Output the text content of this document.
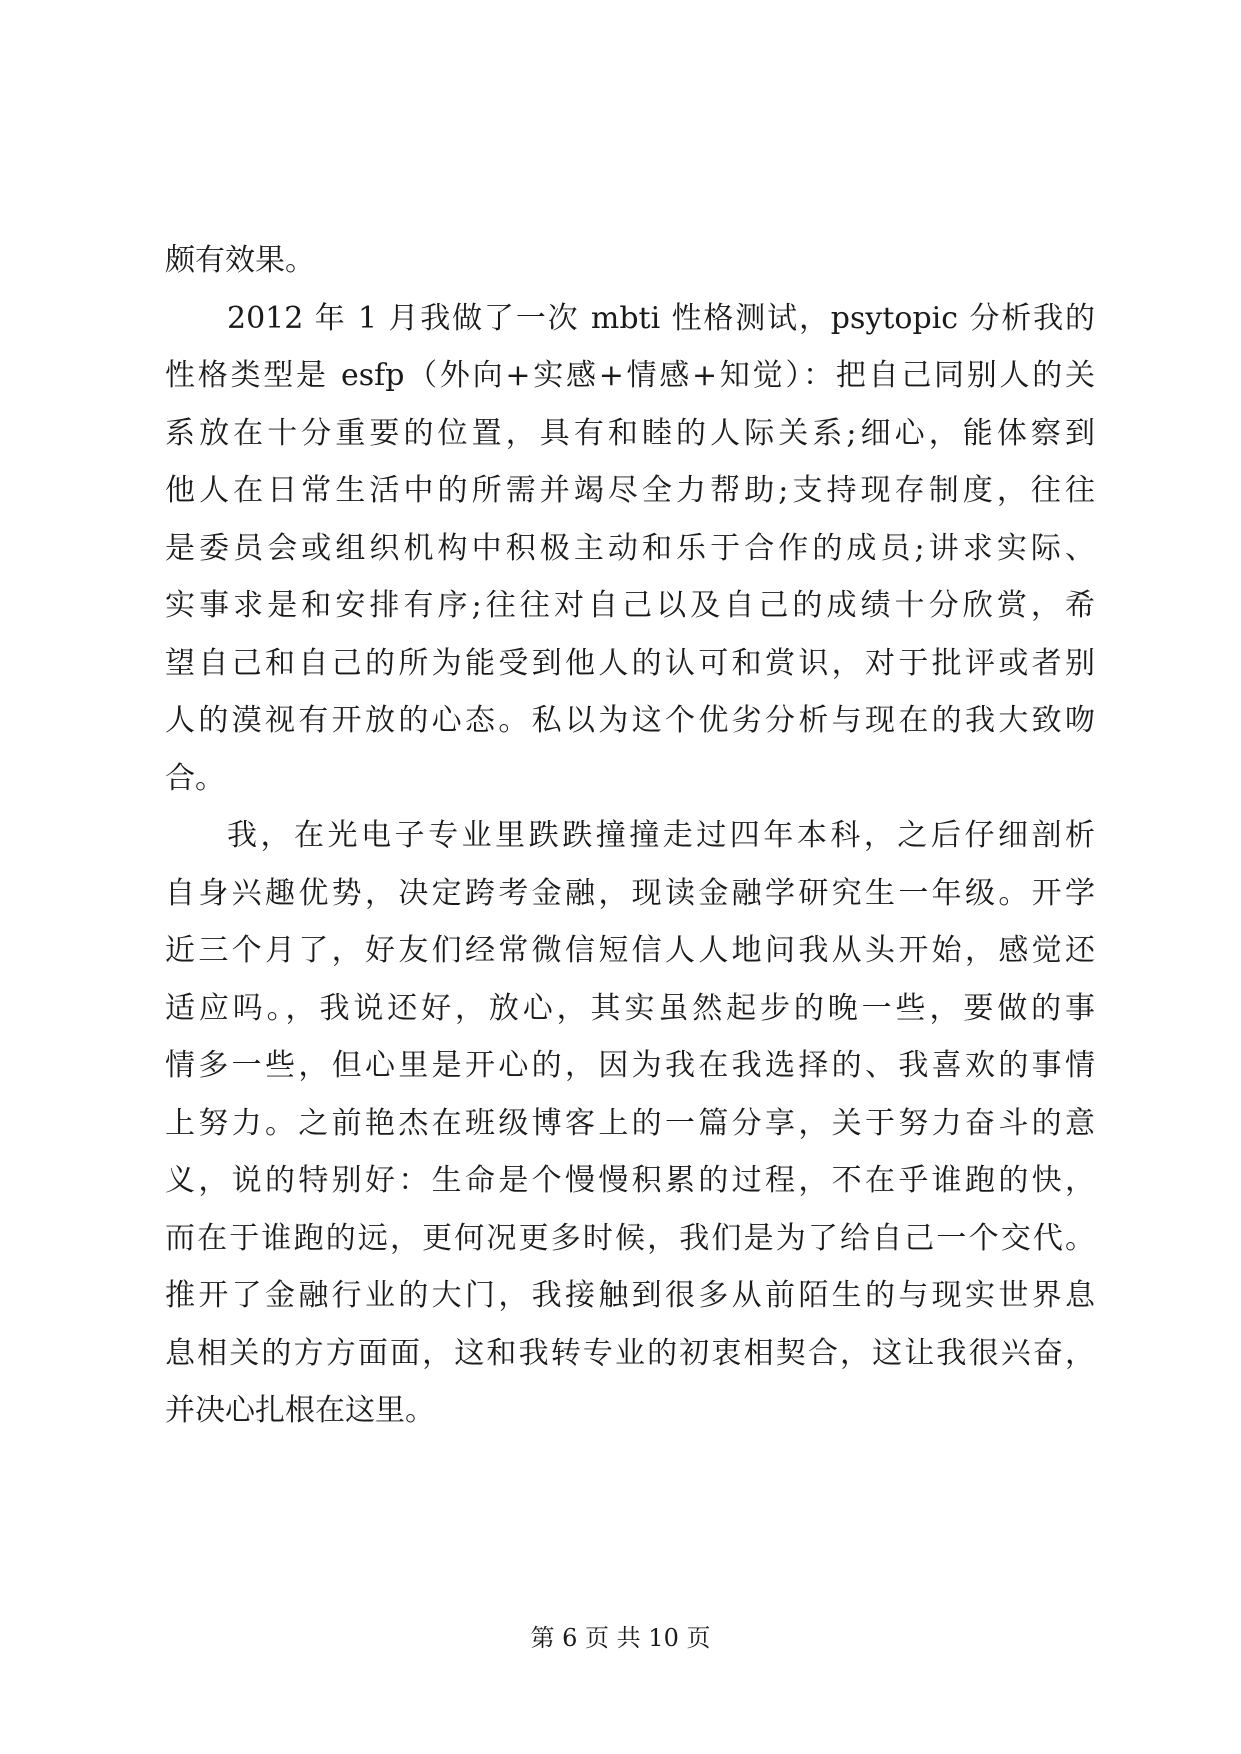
颇有效果。
2012 年 1 月我做了一次 mbti 性格测试，psytopic 分析我的
性格类型是 esfp（外向+实感+情感+知觉）：把自己同别人的关
系放在十分重要的位置，具有和睦的人际关系;细心，能体察到
他人在日常生活中的所需并竭尽全力帮助;支持现存制度，往往
是委员会或组织机构中积极主动和乐于合作的成员;讲求实际、
实事求是和安排有序;往往对自己以及自己的成绩十分欣赏，希
望自己和自己的所为能受到他人的认可和赏识，对于批评或者别
人的漠视有开放的心态。私以为这个优劣分析与现在的我大致吻
合。
我，在光电子专业里跌跌撞撞走过四年本科，之后仔细剖析
自身兴趣优势，决定跨考金融，现读金融学研究生一年级。开学
近三个月了，好友们经常微信短信人人地问我从头开始，感觉还
适应吗。，我说还好，放心，其实虽然起步的晚一些，要做的事
情多一些，但心里是开心的，因为我在我选择的、我喜欢的事情
上努力。之前艳杰在班级博客上的一篇分享，关于努力奋斗的意
义，说的特别好：生命是个慢慢积累的过程，不在乎谁跑的快，
而在于谁跑的远，更何况更多时候，我们是为了给自己一个交代。
推开了金融行业的大门，我接触到很多从前陌生的与现实世界息
息相关的方方面面，这和我转专业的初衷相契合，这让我很兴奋，
并决心扎根在这里。
第 6 页 共 10 页
